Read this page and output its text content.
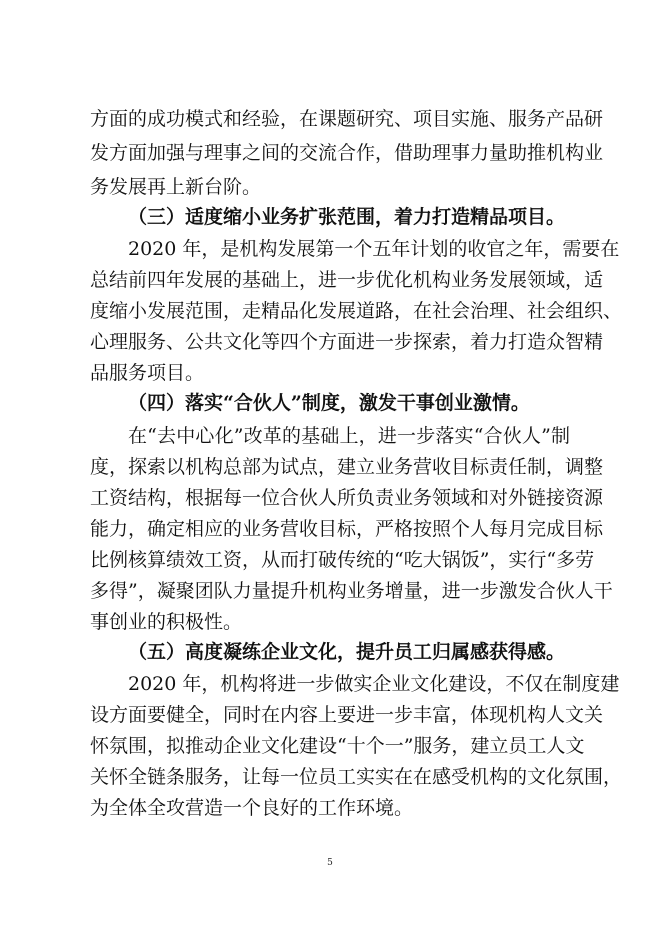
方面的成功模式和经验，在课题研究、项目实施、服务产品研
发方面加强与理事之间的交流合作，借助理事力量助推机构业
务发展再上新台阶。
（三）适度缩小业务扩张范围，着力打造精品项目。
2020 年，是机构发展第一个五年计划的收官之年，需要在
总结前四年发展的基础上，进一步优化机构业务发展领域，适
度缩小发展范围，走精品化发展道路，在社会治理、社会组织、
心理服务、公共文化等四个方面进一步探索，着力打造众智精
品服务项目。
（四）落实“合伙人”制度，激发干事创业激情。
在“去中心化”改革的基础上，进一步落实“合伙人”制
度，探索以机构总部为试点，建立业务营收目标责任制，调整
工资结构，根据每一位合伙人所负责业务领域和对外链接资源
能力，确定相应的业务营收目标，严格按照个人每月完成目标
比例核算绩效工资，从而打破传统的“吃大锅饭”，实行“多劳
多得”，凝聚团队力量提升机构业务增量，进一步激发合伙人干
事创业的积极性。
（五）高度凝练企业文化，提升员工归属感获得感。
2020 年，机构将进一步做实企业文化建设，不仅在制度建
设方面要健全，同时在内容上要进一步丰富，体现机构人文关
怀氛围，拟推动企业文化建设“十个一”服务，建立员工人文
关怀全链条服务，让每一位员工实实在在感受机构的文化氛围，
为全体全攻营造一个良好的工作环境。
5
